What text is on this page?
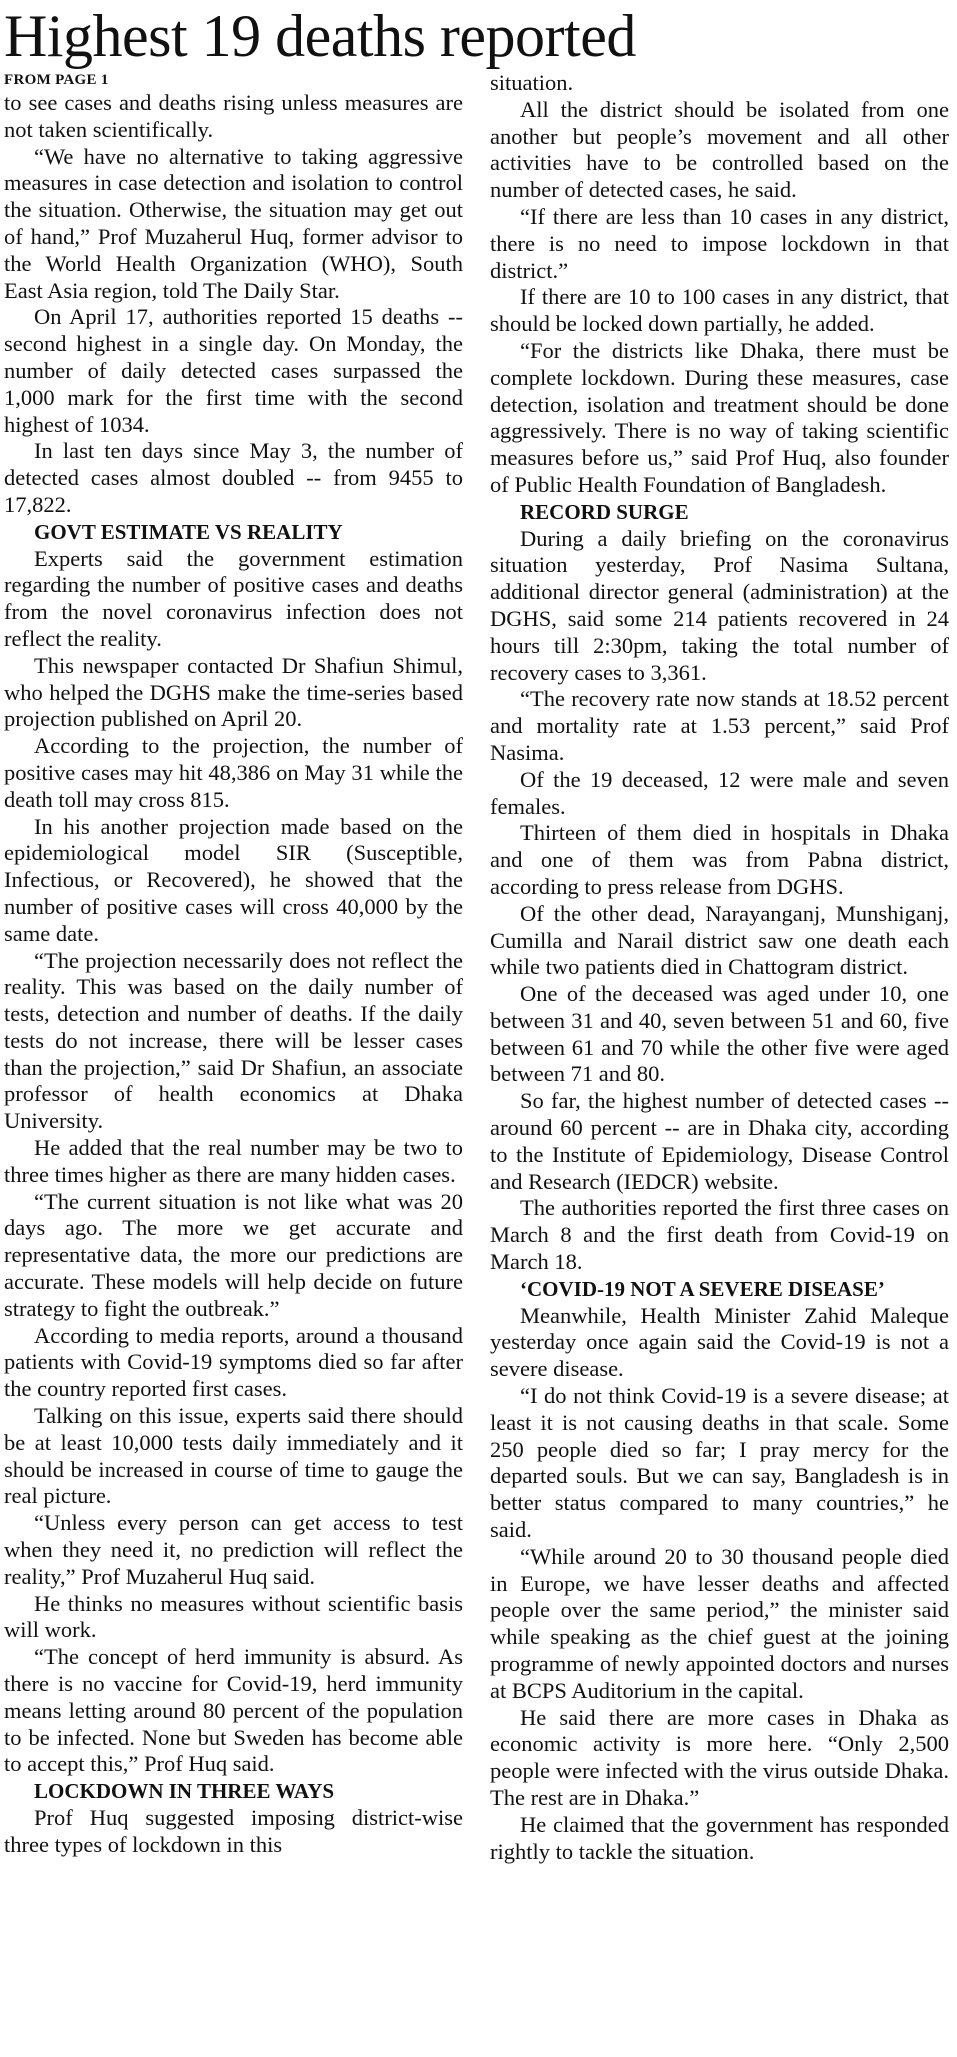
Highest 19 deaths reported
FROM PAGE 1

to see cases and deaths rising unless measures are not taken scientifically.

“We have no alternative to taking aggressive measures in case detection and isolation to control the situation. Otherwise, the situation may get out of hand,” Prof Muzaherul Huq, former advisor to the World Health Organization (WHO), South East Asia region, told The Daily Star.

On April 17, authorities reported 15 deaths -- second highest in a single day. On Monday, the number of daily detected cases surpassed the 1,000 mark for the first time with the second highest of 1034.

In last ten days since May 3, the number of detected cases almost doubled -- from 9455 to 17,822.

GOVT ESTIMATE VS REALITY

Experts said the government estimation regarding the number of positive cases and deaths from the novel coronavirus infection does not reflect the reality.

This newspaper contacted Dr Shafiun Shimul, who helped the DGHS make the time-series based projection published on April 20.

According to the projection, the number of positive cases may hit 48,386 on May 31 while the death toll may cross 815.

In his another projection made based on the epidemiological model SIR (Susceptible, Infectious, or Recovered), he showed that the number of positive cases will cross 40,000 by the same date.

“The projection necessarily does not reflect the reality. This was based on the daily number of tests, detection and number of deaths. If the daily tests do not increase, there will be lesser cases than the projection,” said Dr Shafiun, an associate professor of health economics at Dhaka University.

He added that the real number may be two to three times higher as there are many hidden cases.

“The current situation is not like what was 20 days ago. The more we get accurate and representative data, the more our predictions are accurate. These models will help decide on future strategy to fight the outbreak.”

According to media reports, around a thousand patients with Covid-19 symptoms died so far after the country reported first cases.

Talking on this issue, experts said there should be at least 10,000 tests daily immediately and it should be increased in course of time to gauge the real picture.

“Unless every person can get access to test when they need it, no prediction will reflect the reality,” Prof Muzaherul Huq said.

He thinks no measures without scientific basis will work.

“The concept of herd immunity is absurd. As there is no vaccine for Covid-19, herd immunity means letting around 80 percent of the population to be infected. None but Sweden has become able to accept this,” Prof Huq said.

LOCKDOWN IN THREE WAYS

Prof Huq suggested imposing district-wise three types of lockdown in this

situation.

All the district should be isolated from one another but people’s movement and all other activities have to be controlled based on the number of detected cases, he said.

“If there are less than 10 cases in any district, there is no need to impose lockdown in that district.”

If there are 10 to 100 cases in any district, that should be locked down partially, he added.

“For the districts like Dhaka, there must be complete lockdown. During these measures, case detection, isolation and treatment should be done aggressively. There is no way of taking scientific measures before us,” said Prof Huq, also founder of Public Health Foundation of Bangladesh.

RECORD SURGE

During a daily briefing on the coronavirus situation yesterday, Prof Nasima Sultana, additional director general (administration) at the DGHS, said some 214 patients recovered in 24 hours till 2:30pm, taking the total number of recovery cases to 3,361.

“The recovery rate now stands at 18.52 percent and mortality rate at 1.53 percent,” said Prof Nasima.

Of the 19 deceased, 12 were male and seven females.

Thirteen of them died in hospitals in Dhaka and one of them was from Pabna district, according to press release from DGHS.

Of the other dead, Narayanganj, Munshiganj, Cumilla and Narail district saw one death each while two patients died in Chattogram district.

One of the deceased was aged under 10, one between 31 and 40, seven between 51 and 60, five between 61 and 70 while the other five were aged between 71 and 80.

So far, the highest number of detected cases -- around 60 percent -- are in Dhaka city, according to the Institute of Epidemiology, Disease Control and Research (IEDCR) website.

The authorities reported the first three cases on March 8 and the first death from Covid-19 on March 18.

‘COVID-19 NOT A SEVERE DISEASE’

Meanwhile, Health Minister Zahid Maleque yesterday once again said the Covid-19 is not a severe disease.

“I do not think Covid-19 is a severe disease; at least it is not causing deaths in that scale. Some 250 people died so far; I pray mercy for the departed souls. But we can say, Bangladesh is in better status compared to many countries,” he said.

“While around 20 to 30 thousand people died in Europe, we have lesser deaths and affected people over the same period,” the minister said while speaking as the chief guest at the joining programme of newly appointed doctors and nurses at BCPS Auditorium in the capital.

He said there are more cases in Dhaka as economic activity is more here. “Only 2,500 people were infected with the virus outside Dhaka. The rest are in Dhaka.”

He claimed that the government has responded rightly to tackle the situation.
